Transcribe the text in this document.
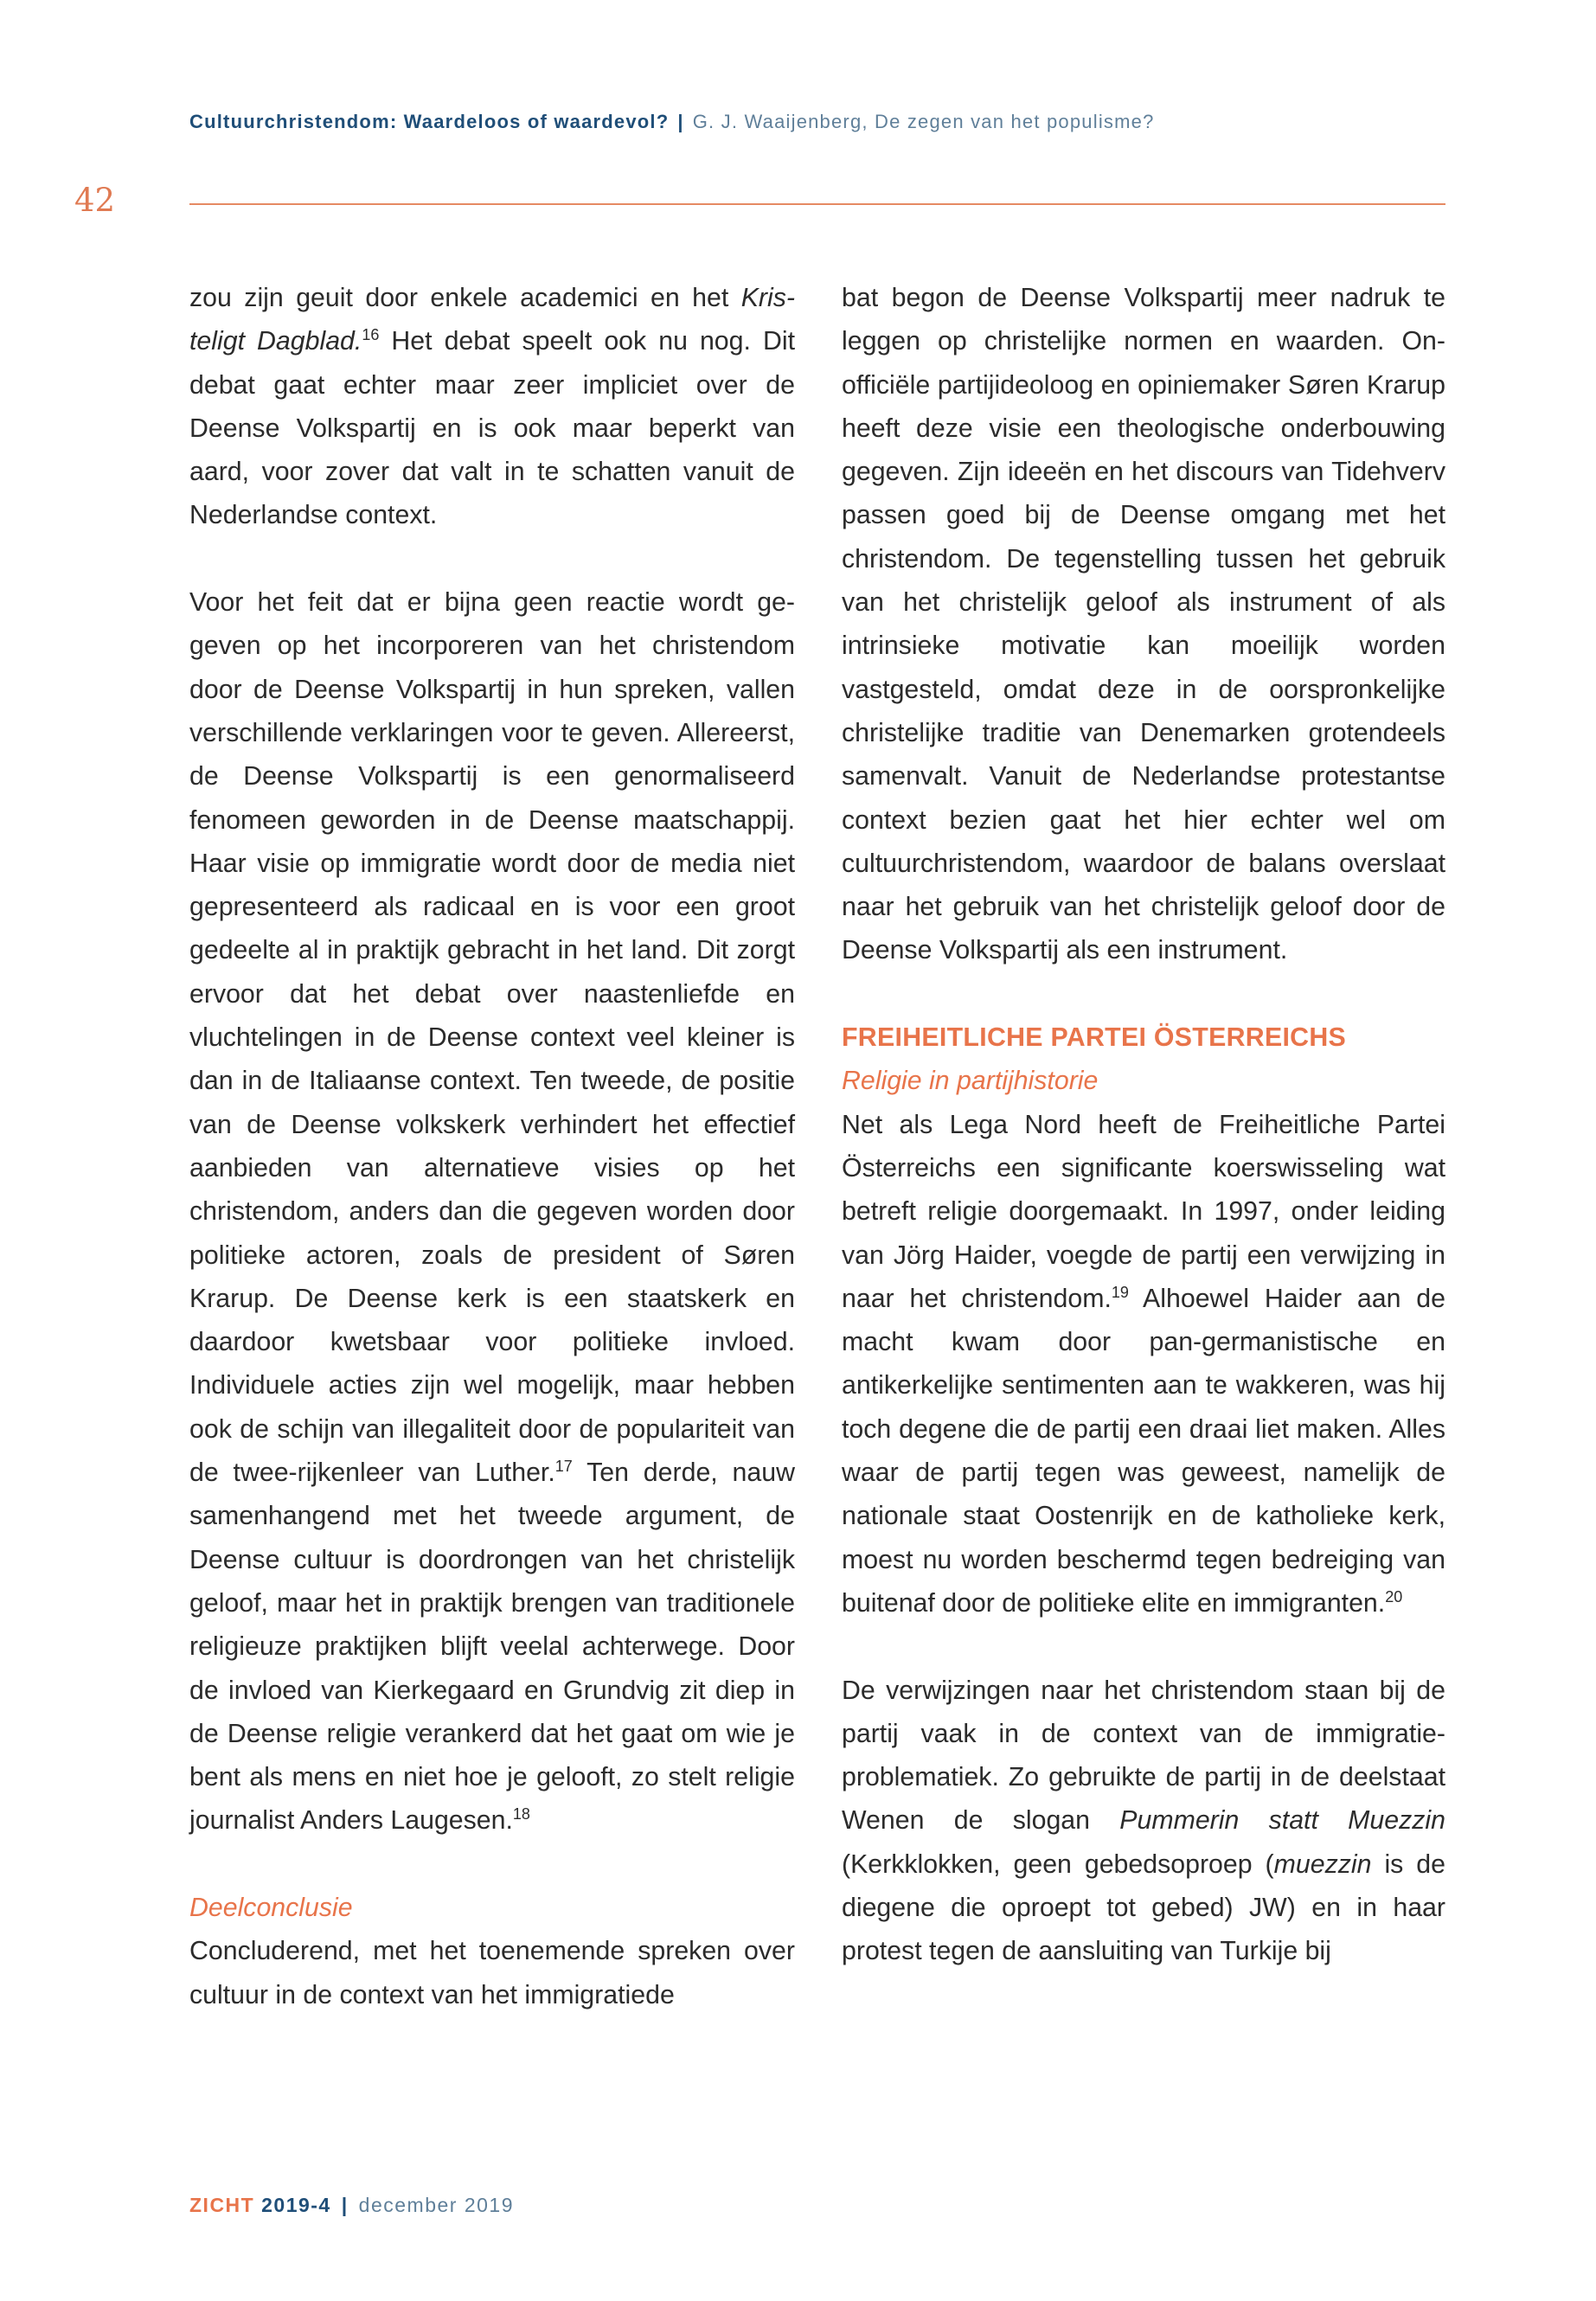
Cultuurchristendom: Waardeloos of waardevol? | G. J. Waaijenberg, De zegen van het populisme?
42

zou zijn geuit door enkele academici en het Kristeligt Dagblad.$^{16}$ Het debat speelt ook nu nog. Dit debat gaat echter maar zeer impliciet over de Deense Volkspartij en is ook maar beperkt van aard, voor zover dat valt in te schatten vanuit de Nederlandse context.

Voor het feit dat er bijna geen reactie wordt gegeven op het incorporeren van het christendom door de Deense Volkspartij in hun spreken, vallen verschillende verklaringen voor te geven. Allereerst, de Deense Volkspartij is een genormaliseerd fenomeen geworden in de Deense maatschappij. Haar visie op immigratie wordt door de media niet gepresenteerd als radicaal en is voor een groot gedeelte al in praktijk gebracht in het land. Dit zorgt ervoor dat het debat over naastenliefde en vluchtelingen in de Deense context veel kleiner is dan in de Italiaanse context. Ten tweede, de positie van de Deense volkskerk verhindert het effectief aanbieden van alternatieve visies op het christendom, anders dan die gegeven worden door politieke actoren, zoals de president of Søren Krarup. De Deense kerk is een staatskerk en daardoor kwetsbaar voor politieke invloed. Individuele acties zijn wel mogelijk, maar hebben ook de schijn van illegaliteit door de populariteit van de twee-rijkenleer van Luther.$^{17}$ Ten derde, nauw samenhangend met het tweede argument, de Deense cultuur is doordrongen van het christelijk geloof, maar het in praktijk brengen van traditionele religieuze praktijken blijft veelal achterwege. Door de invloed van Kierkegaard en Grundvig zit diep in de Deense religie verankerd dat het gaat om wie je bent als mens en niet hoe je gelooft, zo stelt religie journalist Anders Laugesen.$^{18}$

Deelconclusie

Concluderend, met het toenemende spreken over cultuur in de context van het immigratiede

bat begon de Deense Volkspartij meer nadruk te leggen op christelijke normen en waarden. Onofficiële partijideoloog en opiniemaker Søren Krarup heeft deze visie een theologische onderbouwing gegeven. Zijn ideeën en het discours van Tidehverv passen goed bij de Deense omgang met het christendom. De tegenstelling tussen het gebruik van het christelijk geloof als instrument of als intrinsieke motivatie kan moeilijk worden vastgesteld, omdat deze in de oorspronkelijke christelijke traditie van Denemarken grotendeels samenvalt. Vanuit de Nederlandse protestantse context bezien gaat het hier echter wel om cultuurchristendom, waardoor de balans overslaat naar het gebruik van het christelijk geloof door de Deense Volkspartij als een instrument.

FREIHEITLICHE PARTEI ÖSTERREICHS

Religie in partijhistorie

Net als Lega Nord heeft de Freiheitliche Partei Österreichs een significante koerswisseling wat betreft religie doorgemaakt. In 1997, onder leiding van Jörg Haider, voegde de partij een verwijzing in naar het christendom.$^{19}$ Alhoewel Haider aan de macht kwam door pan-germanistische en antikerkelijke sentimenten aan te wakkeren, was hij toch degene die de partij een draai liet maken. Alles waar de partij tegen was geweest, namelijk de nationale staat Oostenrijk en de katholieke kerk, moest nu worden beschermd tegen bedreiging van buitenaf door de politieke elite en immigranten.$^{20}$

De verwijzingen naar het christendom staan bij de partij vaak in de context van de immigratieproblematiek. Zo gebruikte de partij in de deelstaat Wenen de slogan Pummerin statt Muezzin (Kerkklokken, geen gebedsoproep (muezzin is de diegene die oproept tot gebed) JW) en in haar protest tegen de aansluiting van Turkije bij

ZICHT 2019-4 | december 2019
